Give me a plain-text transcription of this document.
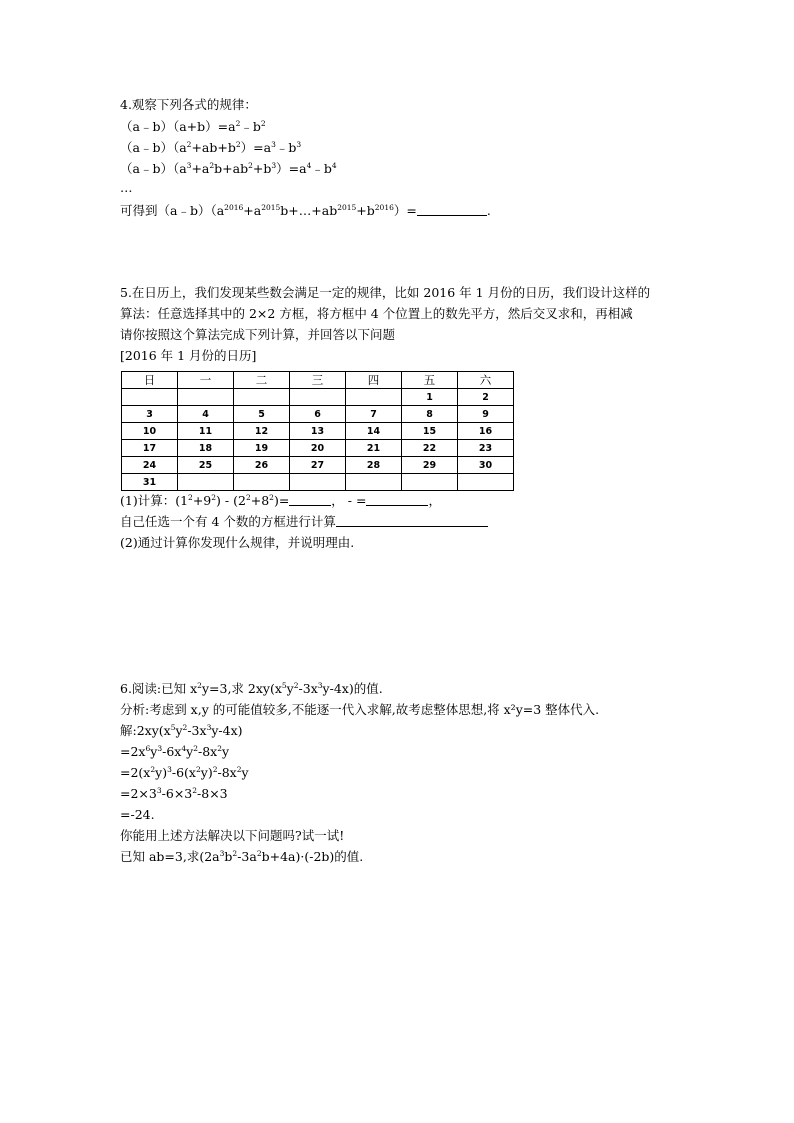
4.观察下列各式的规律：
$(a﹣b)(a+b)=a^2﹣b^2$
$(a﹣b)(a^2+ab+b^2)=a^3﹣b^3$
$(a﹣b)(a^3+a^2b+ab^2+b^3)=a^4﹣b^4$
…
可得到$(a﹣b)(a^{2016}+a^{2015}b+\dots+ab^{2015}+b^{2016})=$	.
5.在日历上，我们发现某些数会满足一定的规律，比如 2016 年 1 月份的日历，我们设计这样的
算法：任意选择其中的 2×2 方框，将方框中 4 个位置上的数先平方，然后交叉求和，再相减
请你按照这个算法完成下列计算，并回答以下问题
[2016 年 1 月份的日历]
日	一	二	三	四	五	六
					1	2
3	4	5	6	7	8	9
10	11	12	13	14	15	16
17	18	19	20	21	22	23
24	25	26	27	28	29	30
31						
(1)计算：$(1^2+9^2) - (2^2+8^2)=$	， - =	，
自己任选一个有 4 个数的方框进行计算
(2)通过计算你发现什么规律，并说明理由.
6.阅读:已知 $x^2y=3$,求 $2xy(x^5y^2-3x^3y-4x)$的值.
分析:考虑到 x,y 的可能值较多,不能逐一代入求解,故考虑整体思想,将 x²y=3 整体代入.
解$:2xy(x^5y^2-3x^3y-4x)$
$=2x^6y^3-6x^4y^2-8x^2y$
$=2(x^2y)^3-6(x^2y)^2-8x^2y$
$=2\times 3^3-6\times 3^2-8\times 3$
=-24.
你能用上述方法解决以下问题吗?试一试!
已知 ab=3,求$(2a^3b^2-3a^2b+4a)\cdot(-2b)$的值.
